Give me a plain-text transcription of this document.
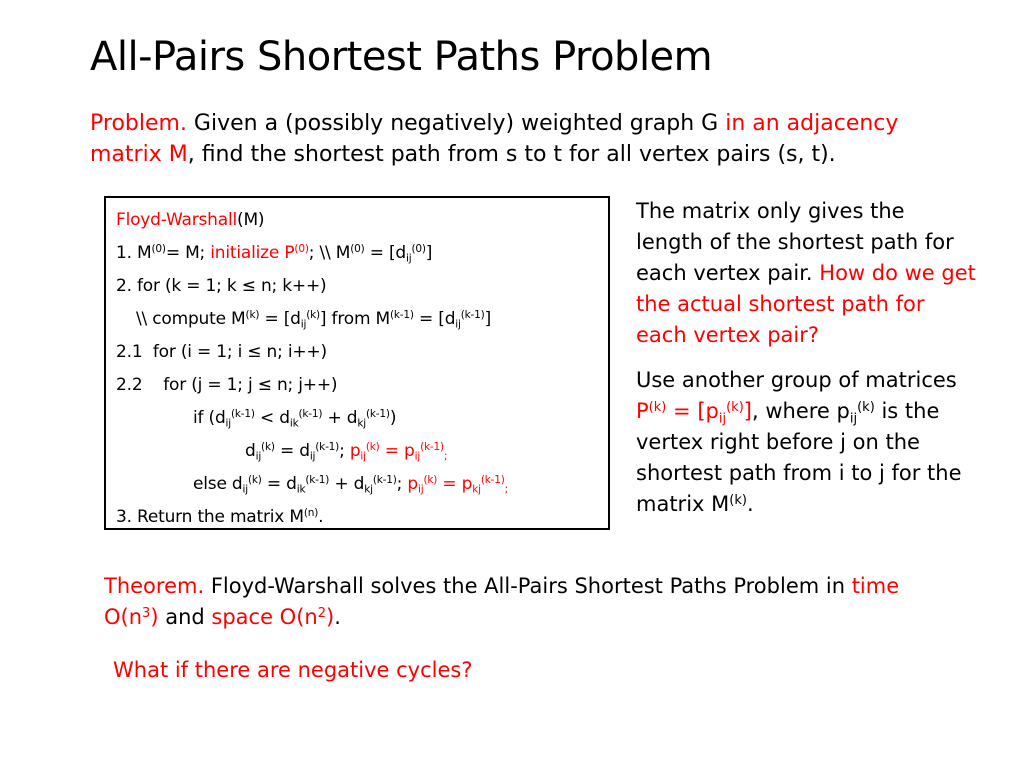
All-Pairs Shortest Paths Problem
Problem. Given a (possibly negatively) weighted graph G in an adjacency matrix M, find the shortest path from s to t for all vertex pairs (s, t).
Floyd-Warshall(M)
1. $M^{(0)}= M$; initialize $P^{(0)}$; \\ $M^{(0)} = [d_{ij}^{(0)}]$
2. for (k = 1; k ≤ n; k++)
\\ compute $M^{(k)} = [d_{ij}^{(k)}]$ from $M^{(k-1)} = [d_{ij}^{(k-1)}]$
2.1  for (i = 1; i ≤ n; i++)
2.2    for (j = 1; j ≤ n; j++)
if $(d_{ij}^{(k-1)} < d_{ik}^{(k-1)} + d_{kj}^{(k-1)})$
$d_{ij}^{(k)} = d_{ij}^{(k-1)}$; $p_{ij}^{(k)} = p_{ij}^{(k-1)}_;$
else $d_{ij}^{(k)} = d_{ik}^{(k-1)} + d_{kj}^{(k-1)}$; $p_{ij}^{(k)} = p_{kj}^{(k-1)}_;$
3. Return the matrix $M^{(n)}$.
The matrix only gives the length of the shortest path for each vertex pair. How do we get the actual shortest path for each vertex pair?
Use another group of matrices $P^{(k)} = [p_{ij}^{(k)}]$, where $p_{ij}^{(k)}$ is the vertex right before j on the shortest path from i to j for the matrix $M^{(k)}$.
Theorem. Floyd-Warshall solves the All-Pairs Shortest Paths Problem in time $O(n^3)$ and space $O(n^2)$.
What if there are negative cycles?
